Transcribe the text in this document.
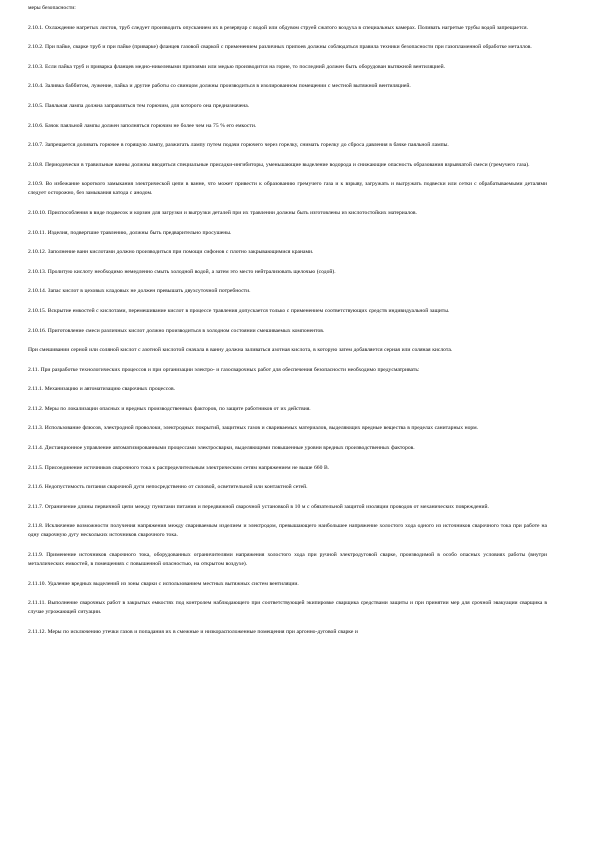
меры безопасности:

2.10.1. Охлаждение нагретых листов, труб следует производить опусканием их в резервуар с водой или обдувом струей сжатого воздуха в специальных камерах. Поливать нагретые трубы водой запрещается.

2.10.2. При пайке, сварке труб и при пайке (приварке) фланцев газовой сваркой с применением различных припоев должны соблюдаться правила техники безопасности при газопламенной обработке металлов.

2.10.3. Если пайка труб и приварка фланцев медно-никелевыми припоями или медью производится на горне, то последний должен быть оборудован вытяжной вентиляцией.

2.10.4. Заливка баббитом, лужение, пайка и другие работы со свинцом должны производиться в изолированном помещении с местной вытяжной вентиляцией.

2.10.5. Паяльная лампа должна заправляться тем горючим, для которого она предназначена.

2.10.6. Бачок паяльной лампы должен заполняться горючим не более чем на 75 % его емкости.

2.10.7. Запрещается доливать горючее в горящую лампу, разжигать лампу путем подачи горючего через горелку, снимать горелку до сброса давления в бачке паяльной лампы.

2.10.8. Периодически в травильные ванны должны вводиться специальные присадки-ингибиторы, уменьшающие выделение водорода и снижающие опасность образования взрывчатой смеси (гремучего газа).

2.10.9. Во избежание короткого замыкания электрической цепи в ванне, что может привести к образованию гремучего газа и к взрыву, загружать и выгружать подвески или сетки с обрабатываемыми деталями следует осторожно, без замыкания катода с анодом.

2.10.10. Приспособления в виде подвесок и корзин для загрузки и выгрузки деталей при их травлении должны быть изготовлены из кислотостойких материалов.

2.10.11. Изделия, подвергшие травлению, должны быть предварительно просушены.

2.10.12. Заполнение ванн кислотами должно производиться при помощи сифонов с плотно закрывающимися кранами.

2.10.13. Пролитую кислоту необходимо немедленно смыть холодной водой, а затем это место нейтрализовать щелочью (содой).

2.10.14. Запас кислот в цеховых кладовых не должен превышать двухсуточной потребности.

2.10.15. Вскрытие емкостей с кислотами, перемешивание кислот в процессе травления допускается только с применением соответствующих средств индивидуальной защиты.

2.10.16. Приготовление смеси различных кислот должно производиться в холодном состоянии смешиваемых компонентов.

При смешивании серной или соляной кислот с азотной кислотой сначала в ванну должна заливаться азотная кислота, в которую затем добавляется серная или соляная кислота.

2.11. При разработке технологических процессов и при организации электро- и газосварочных работ для обеспечения безопасности необходимо предусматривать:

2.11.1. Механизацию и автоматизацию сварочных процессов.

2.11.2. Меры по локализации опасных и вредных производственных факторов, по защите работников от их действия.

2.11.3. Использование флюсов, электродной проволоки, электродных покрытий, защитных газов и свариваемых материалов, выделяющих вредные вещества в пределах санитарных норм.

2.11.4. Дистанционное управление автоматизированными процессами электросварки, выделяющими повышенные уровни вредных производственных факторов.

2.11.5. Присоединение источников сварочного тока к распределительным электрическим сетям напряжением не выше 660 В.

2.11.6. Недопустимость питания сварочной дуги непосредственно от силовой, осветительной или контактной сетей.

2.11.7. Ограничение длины первичной цепи между пунктами питания и передвижной сварочной установкой в 10 м с обязательной защитой изоляции проводов от механических повреждений.

2.11.8. Исключение возможности получения напряжения между свариваемым изделием и электродом, превышающего наибольшее напряжение холостого хода одного из источников сварочного тока при работе на одну сварочную дугу нескольких источников сварочного тока.

2.11.9. Применение источников сварочного тока, оборудованных ограничителями напряжения холостого хода при ручной электродуговой сварке, производимой в особо опасных условиях работы (внутри металлических емкостей, в помещениях с повышенной опасностью, на открытом воздухе).

2.11.10. Удаление вредных выделений из зоны сварки с использованием местных вытяжных систем вентиляции.

2.11.11. Выполнение сварочных работ в закрытых емкостях под контролем наблюдающего при соответствующей экипировке сварщика средствами защиты и при принятии мер для срочной эвакуации сварщика в случае угрожающей ситуации.

2.11.12. Меры по исключению утечки газов и попадания их в смежные и низкорасположенные помещения при аргонно-дуговой сварке и
